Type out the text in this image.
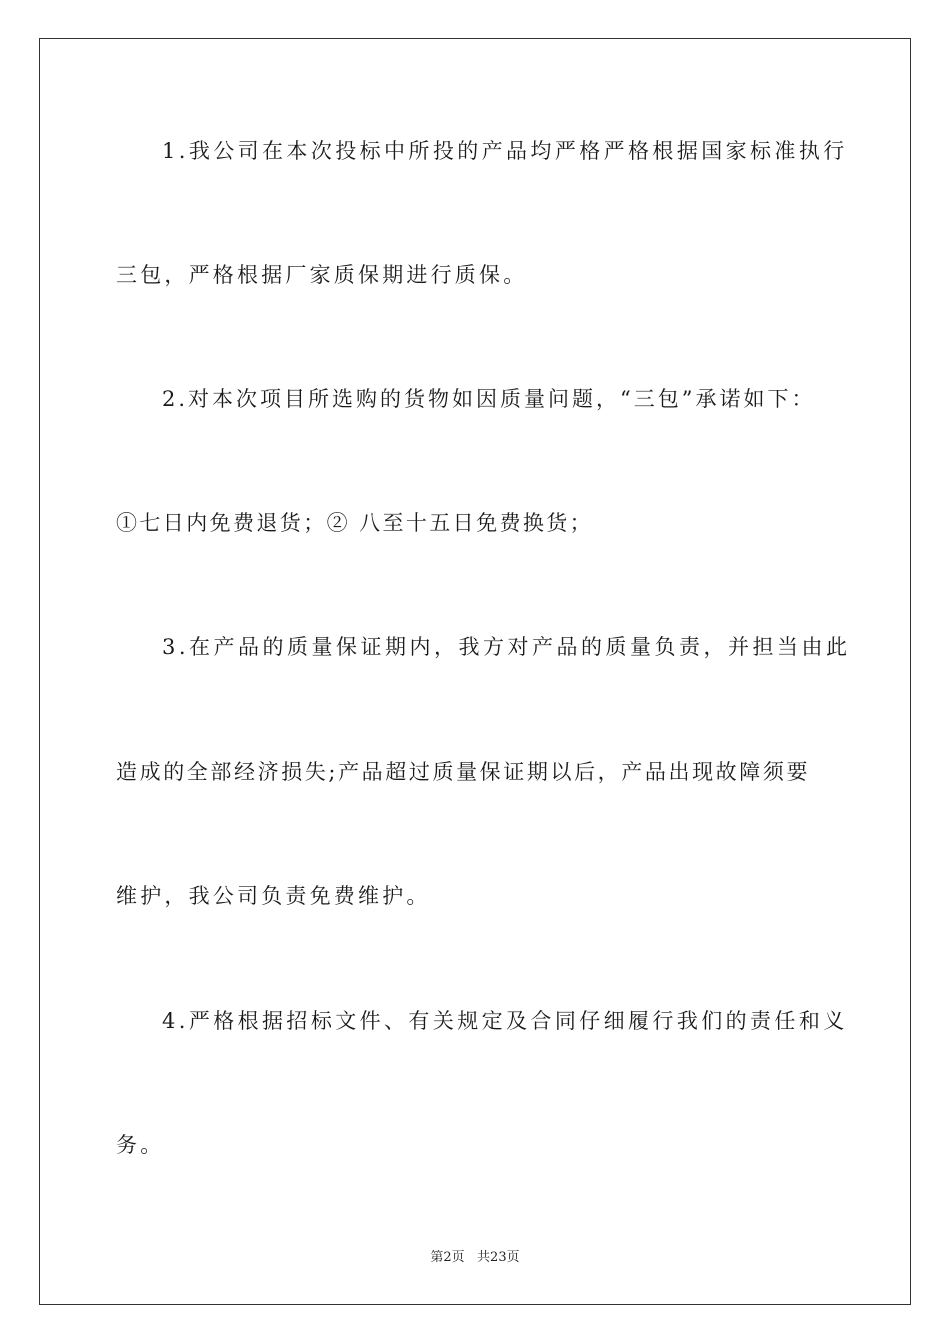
1.我公司在本次投标中所投的产品均严格严格根据国家标准执行
三包，严格根据厂家质保期进行质保。
2.对本次项目所选购的货物如因质量问题，“三包”承诺如下：
①七日内免费退货；② 八至十五日免费换货；
3.在产品的质量保证期内，我方对产品的质量负责，并担当由此
造成的全部经济损失;产品超过质量保证期以后，产品出现故障须要
维护，我公司负责免费维护。
4.严格根据招标文件、有关规定及合同仔细履行我们的责任和义
务。
第2页   共23页
